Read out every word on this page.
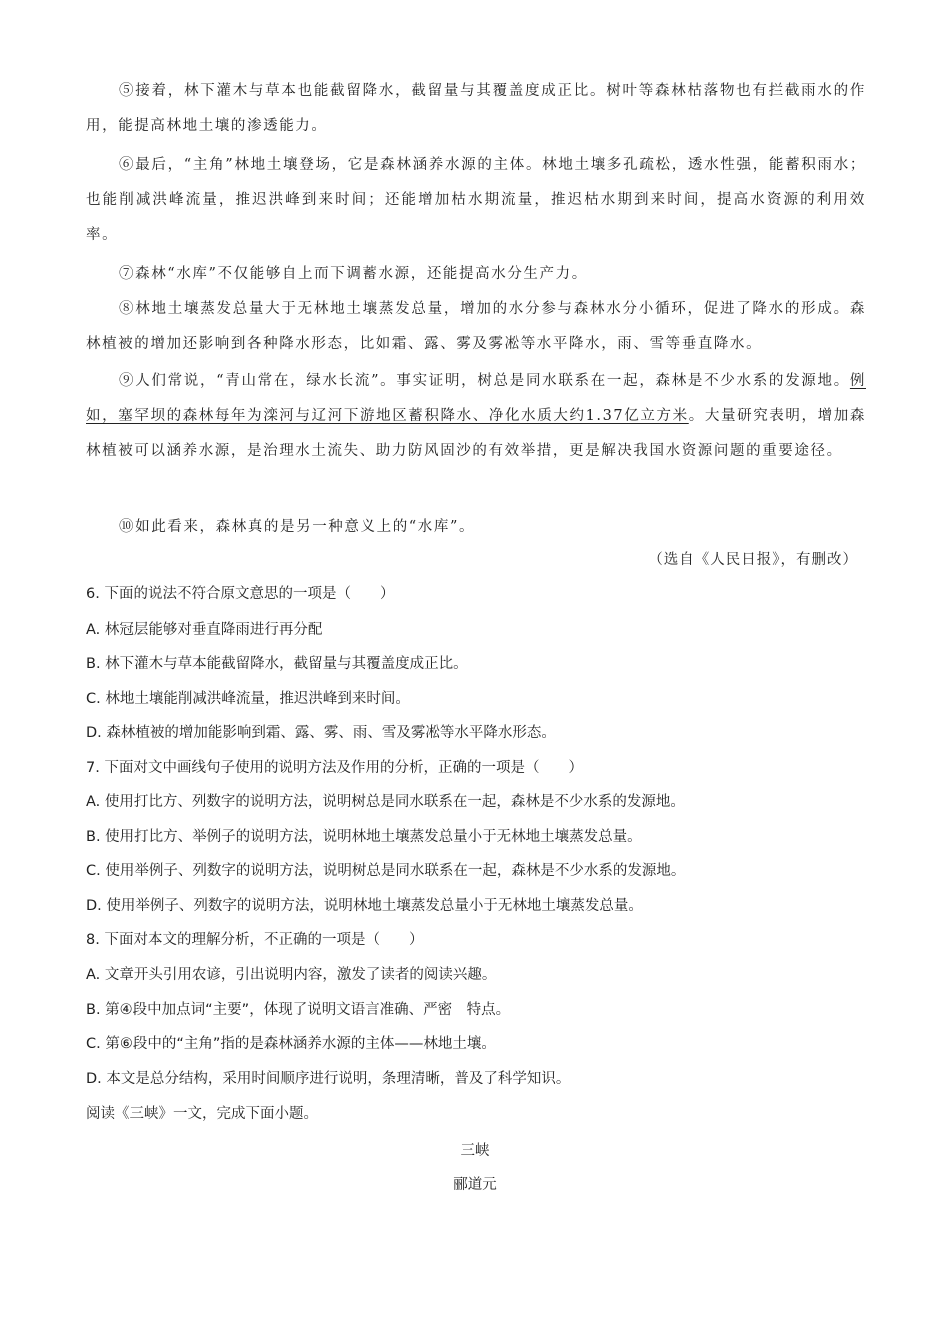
⑤接着，林下灌木与草本也能截留降水，截留量与其覆盖度成正比。树叶等森林枯落物也有拦截雨水的作用，能提高林地土壤的渗透能力。

⑥最后，“主角”林地土壤登场，它是森林涵养水源的主体。林地土壤多孔疏松，透水性强，能蓄积雨水；也能削减洪峰流量，推迟洪峰到来时间；还能增加枯水期流量，推迟枯水期到来时间，提高水资源的利用效率。

⑦森林“水库”不仅能够自上而下调蓄水源，还能提高水分生产力。

⑧林地土壤蒸发总量大于无林地土壤蒸发总量，增加的水分参与森林水分小循环，促进了降水的形成。森林植被的增加还影响到各种降水形态，比如霜、露、雾及雾凇等水平降水，雨、雪等垂直降水。

⑨人们常说，“青山常在，绿水长流”。事实证明，树总是同水联系在一起，森林是不少水系的发源地。例如，塞罕坝的森林每年为滦河与辽河下游地区蓄积降水、净化水质大约1.37亿立方米。大量研究表明，增加森林植被可以涵养水源，是治理水土流失、助力防风固沙的有效举措，更是解决我国水资源问题的重要途径。

⑩如此看来，森林真的是另一种意义上的“水库”。

（选自《人民日报》，有删改）
6. 下面的说法不符合原文意思的一项是（　　）
A. 林冠层能够对垂直降雨进行再分配
B. 林下灌木与草本能截留降水，截留量与其覆盖度成正比。
C. 林地土壤能削减洪峰流量，推迟洪峰到来时间。
D. 森林植被的增加能影响到霜、露、雾、雨、雪及雾凇等水平降水形态。
7. 下面对文中画线句子使用的说明方法及作用的分析，正确的一项是（　　）
A. 使用打比方、列数字的说明方法，说明树总是同水联系在一起，森林是不少水系的发源地。
B. 使用打比方、举例子的说明方法，说明林地土壤蒸发总量小于无林地土壤蒸发总量。
C. 使用举例子、列数字的说明方法，说明树总是同水联系在一起，森林是不少水系的发源地。
D. 使用举例子、列数字的说明方法，说明林地土壤蒸发总量小于无林地土壤蒸发总量。
8. 下面对本文的理解分析，不正确的一项是（　　）
A. 文章开头引用农谚，引出说明内容，激发了读者的阅读兴趣。
B. 第④段中加点词“主要”，体现了说明文语言准确、严密　特点。
C. 第⑥段中的“主角”指的是森林涵养水源的主体——林地土壤。
D. 本文是总分结构，采用时间顺序进行说明，条理清晰，普及了科学知识。
阅读《三峡》一文，完成下面小题。
三峡
郦道元
